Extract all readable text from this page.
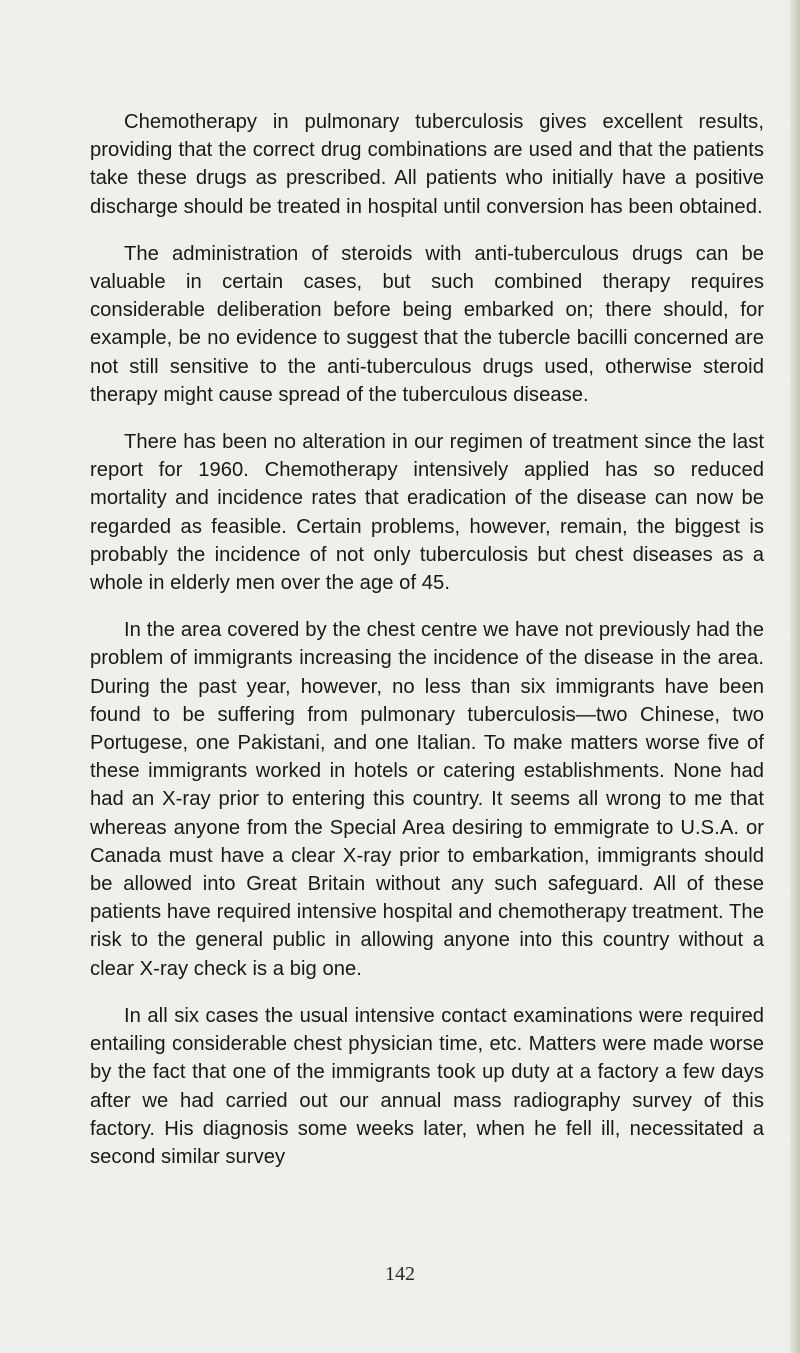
Chemotherapy in pulmonary tuberculosis gives excellent results, providing that the correct drug combinations are used and that the patients take these drugs as prescribed. All patients who initially have a positive discharge should be treated in hospital until conversion has been obtained.

The administration of steroids with anti-tuberculous drugs can be valuable in certain cases, but such combined therapy requires considerable deliberation before being embarked on; there should, for example, be no evidence to suggest that the tubercle bacilli concerned are not still sensitive to the anti-tuberculous drugs used, otherwise steroid therapy might cause spread of the tuberculous disease.

There has been no alteration in our regimen of treatment since the last report for 1960. Chemotherapy intensively applied has so reduced mortality and incidence rates that eradication of the disease can now be regarded as feasible. Certain problems, however, remain, the biggest is probably the incidence of not only tuberculosis but chest diseases as a whole in elderly men over the age of 45.

In the area covered by the chest centre we have not previously had the problem of immigrants increasing the incidence of the disease in the area. During the past year, however, no less than six immigrants have been found to be suffering from pulmonary tuberculosis—two Chinese, two Portugese, one Pakistani, and one Italian. To make matters worse five of these immigrants worked in hotels or catering establishments. None had had an X-ray prior to entering this country. It seems all wrong to me that whereas anyone from the Special Area desiring to emmigrate to U.S.A. or Canada must have a clear X-ray prior to embarkation, immigrants should be allowed into Great Britain without any such safeguard. All of these patients have required intensive hospital and chemotherapy treatment. The risk to the general public in allowing anyone into this country without a clear X-ray check is a big one.

In all six cases the usual intensive contact examinations were required entailing considerable chest physician time, etc. Matters were made worse by the fact that one of the immigrants took up duty at a factory a few days after we had carried out our annual mass radiography survey of this factory. His diagnosis some weeks later, when he fell ill, necessitated a second similar survey

142
